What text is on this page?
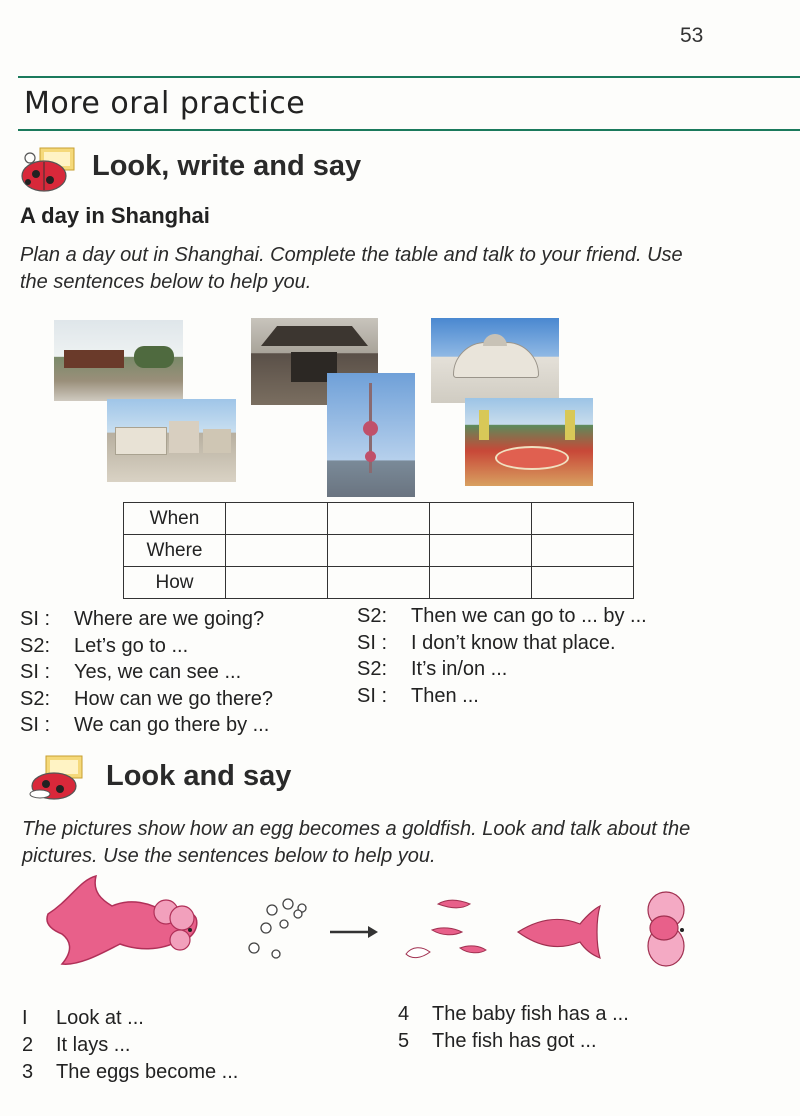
53
More oral practice
Look, write and say
A day in Shanghai
Plan a day out in Shanghai. Complete the table and talk to your friend. Use the sentences below to help you.
When				
Where				
How				
SI :	Where are we going?
S2:	Let’s go to ...
SI :	Yes, we can see ...
S2:	How can we go there?
SI :	We can go there by ...
S2:	Then we can go to ... by ...
SI :	I don’t know that place.
S2:	It’s in/on ...
SI :	Then ...
Look and say
The pictures show how an egg becomes a goldfish. Look and talk about the pictures. Use the sentences below to help you.
I	Look at ...
2	It lays ...
3	The eggs become ...
4	The baby fish has a ...
5	The fish has got ...
